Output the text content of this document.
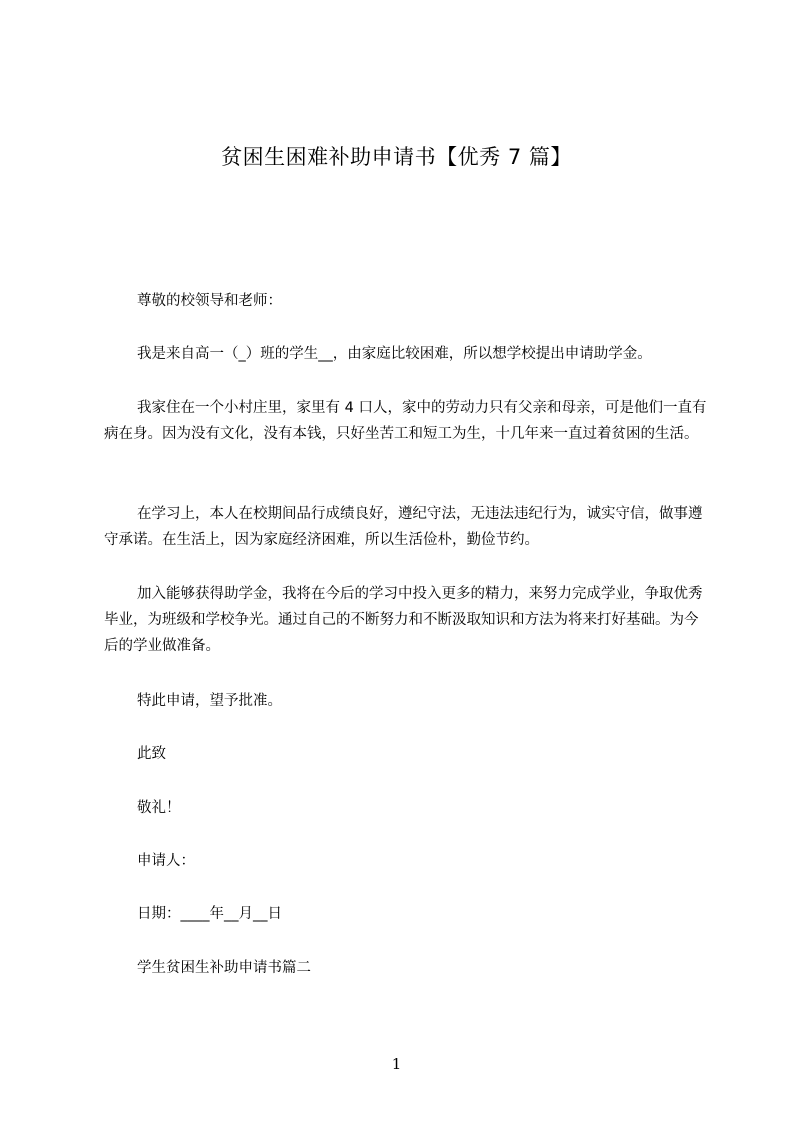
贫困生困难补助申请书【优秀 7 篇】
尊敬的校领导和老师：
我是来自高一（_）班的学生__，由家庭比较困难，所以想学校提出申请助学金。
我家住在一个小村庄里，家里有 4 口人，家中的劳动力只有父亲和母亲，可是他们一直有病在身。因为没有文化，没有本钱，只好坐苦工和短工为生，十几年来一直过着贫困的生活。
在学习上，本人在校期间品行成绩良好，遵纪守法，无违法违纪行为，诚实守信，做事遵守承诺。在生活上，因为家庭经济困难，所以生活俭朴，勤俭节约。
加入能够获得助学金，我将在今后的学习中投入更多的精力，来努力完成学业，争取优秀毕业，为班级和学校争光。通过自己的不断努力和不断汲取知识和方法为将来打好基础。为今后的学业做准备。
特此申请，望予批准。
此致
敬礼！
申请人：
日期：____年__月__日
学生贫困生补助申请书篇二
1
